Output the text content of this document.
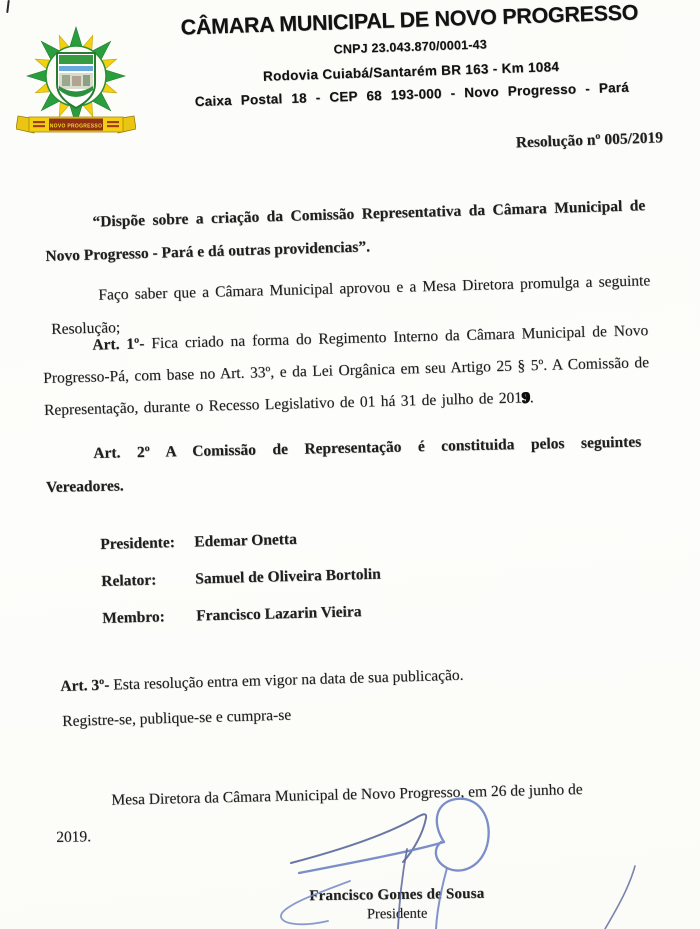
NOVO PROGRESSO
CÂMARA MUNICIPAL DE NOVO PROGRESSO
CNPJ 23.043.870/0001-43
Rodovia Cuiabá/Santarém BR 163 - Km 1084
Caixa Postal 18 - CEP 68 193-000 - Novo Progresso - Pará
Resolução nº 005/2019

“Dispõe sobre a criação da Comissão Representativa da Câmara Municipal de Novo Progresso - Pará e dá outras providencias”.

Faço saber que a Câmara Municipal aprovou e a Mesa Diretora promulga a seguinte Resolução;

Art. 1º- Fica criado na forma do Regimento Interno da Câmara Municipal de Novo Progresso-Pá, com base no Art. 33º, e da Lei Orgânica em seu Artigo 25 § 5º. A Comissão de Representação, durante o Recesso Legislativo de 01 há 31 de julho de 2019.

Art. 2º A Comissão de Representação é constituida pelos seguintes Vereadores.

Presidente:	Edemar Onetta
Relator:	Samuel de Oliveira Bortolin
Membro:	Francisco Lazarin Vieira

Art. 3º- Esta resolução entra em vigor na data de sua publicação.

Registre-se, publique-se e cumpra-se

Mesa Diretora da Câmara Municipal de Novo Progresso, em 26 de junho de
2019.

Francisco Gomes de Sousa
Presidente
